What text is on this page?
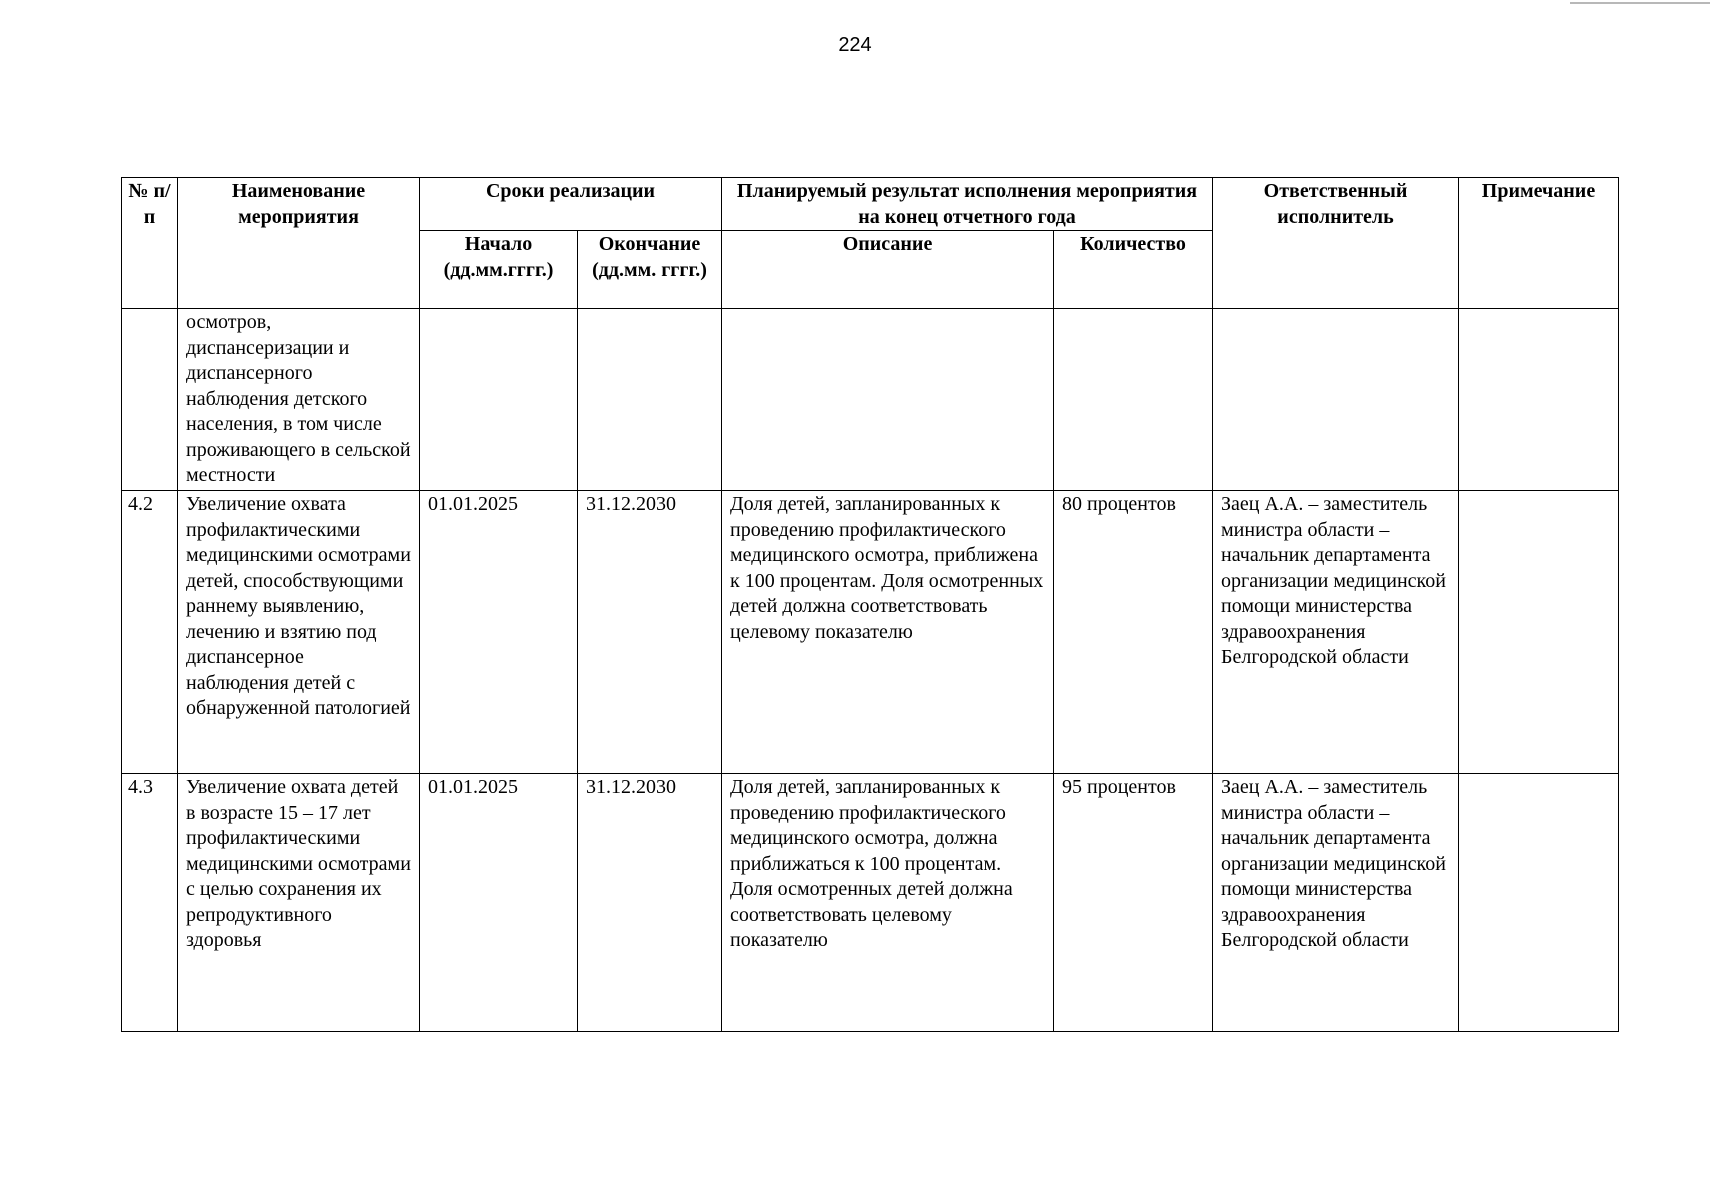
224
№ п/п	Наименование мероприятия	Сроки реализации		Планируемый результат исполнения мероприятия на конец отчетного года		Ответственный исполнитель	Примечание
		Начало (дд.мм.гггг.)	Окончание (дд.мм. гггг.)	Описание	Количество		
	осмотров, диспансеризации и диспансерного наблюдения детского населения, в том числе проживающего в сельской местности						
4.2	Увеличение охвата профилактическими медицинскими осмотрами детей, способствующими раннему выявлению, лечению и взятию под диспансерное наблюдения детей с обнаруженной патологией	01.01.2025	31.12.2030	Доля детей, запланированных к проведению профилактического медицинского осмотра, приближена к 100 процентам. Доля осмотренных детей должна соответствовать целевому показателю	80 процентов	Заец А.А. – заместитель министра области – начальник департамента организации медицинской помощи министерства здравоохранения Белгородской области	
4.3	Увеличение охвата детей в возрасте 15 – 17 лет профилактическими медицинскими осмотрами с целью сохранения их репродуктивного здоровья	01.01.2025	31.12.2030	Доля детей, запланированных к проведению профилактического медицинского осмотра, должна приближаться к 100 процентам. Доля осмотренных детей должна соответствовать целевому показателю	95 процентов	Заец А.А. – заместитель министра области – начальник департамента организации медицинской помощи министерства здравоохранения Белгородской области	
